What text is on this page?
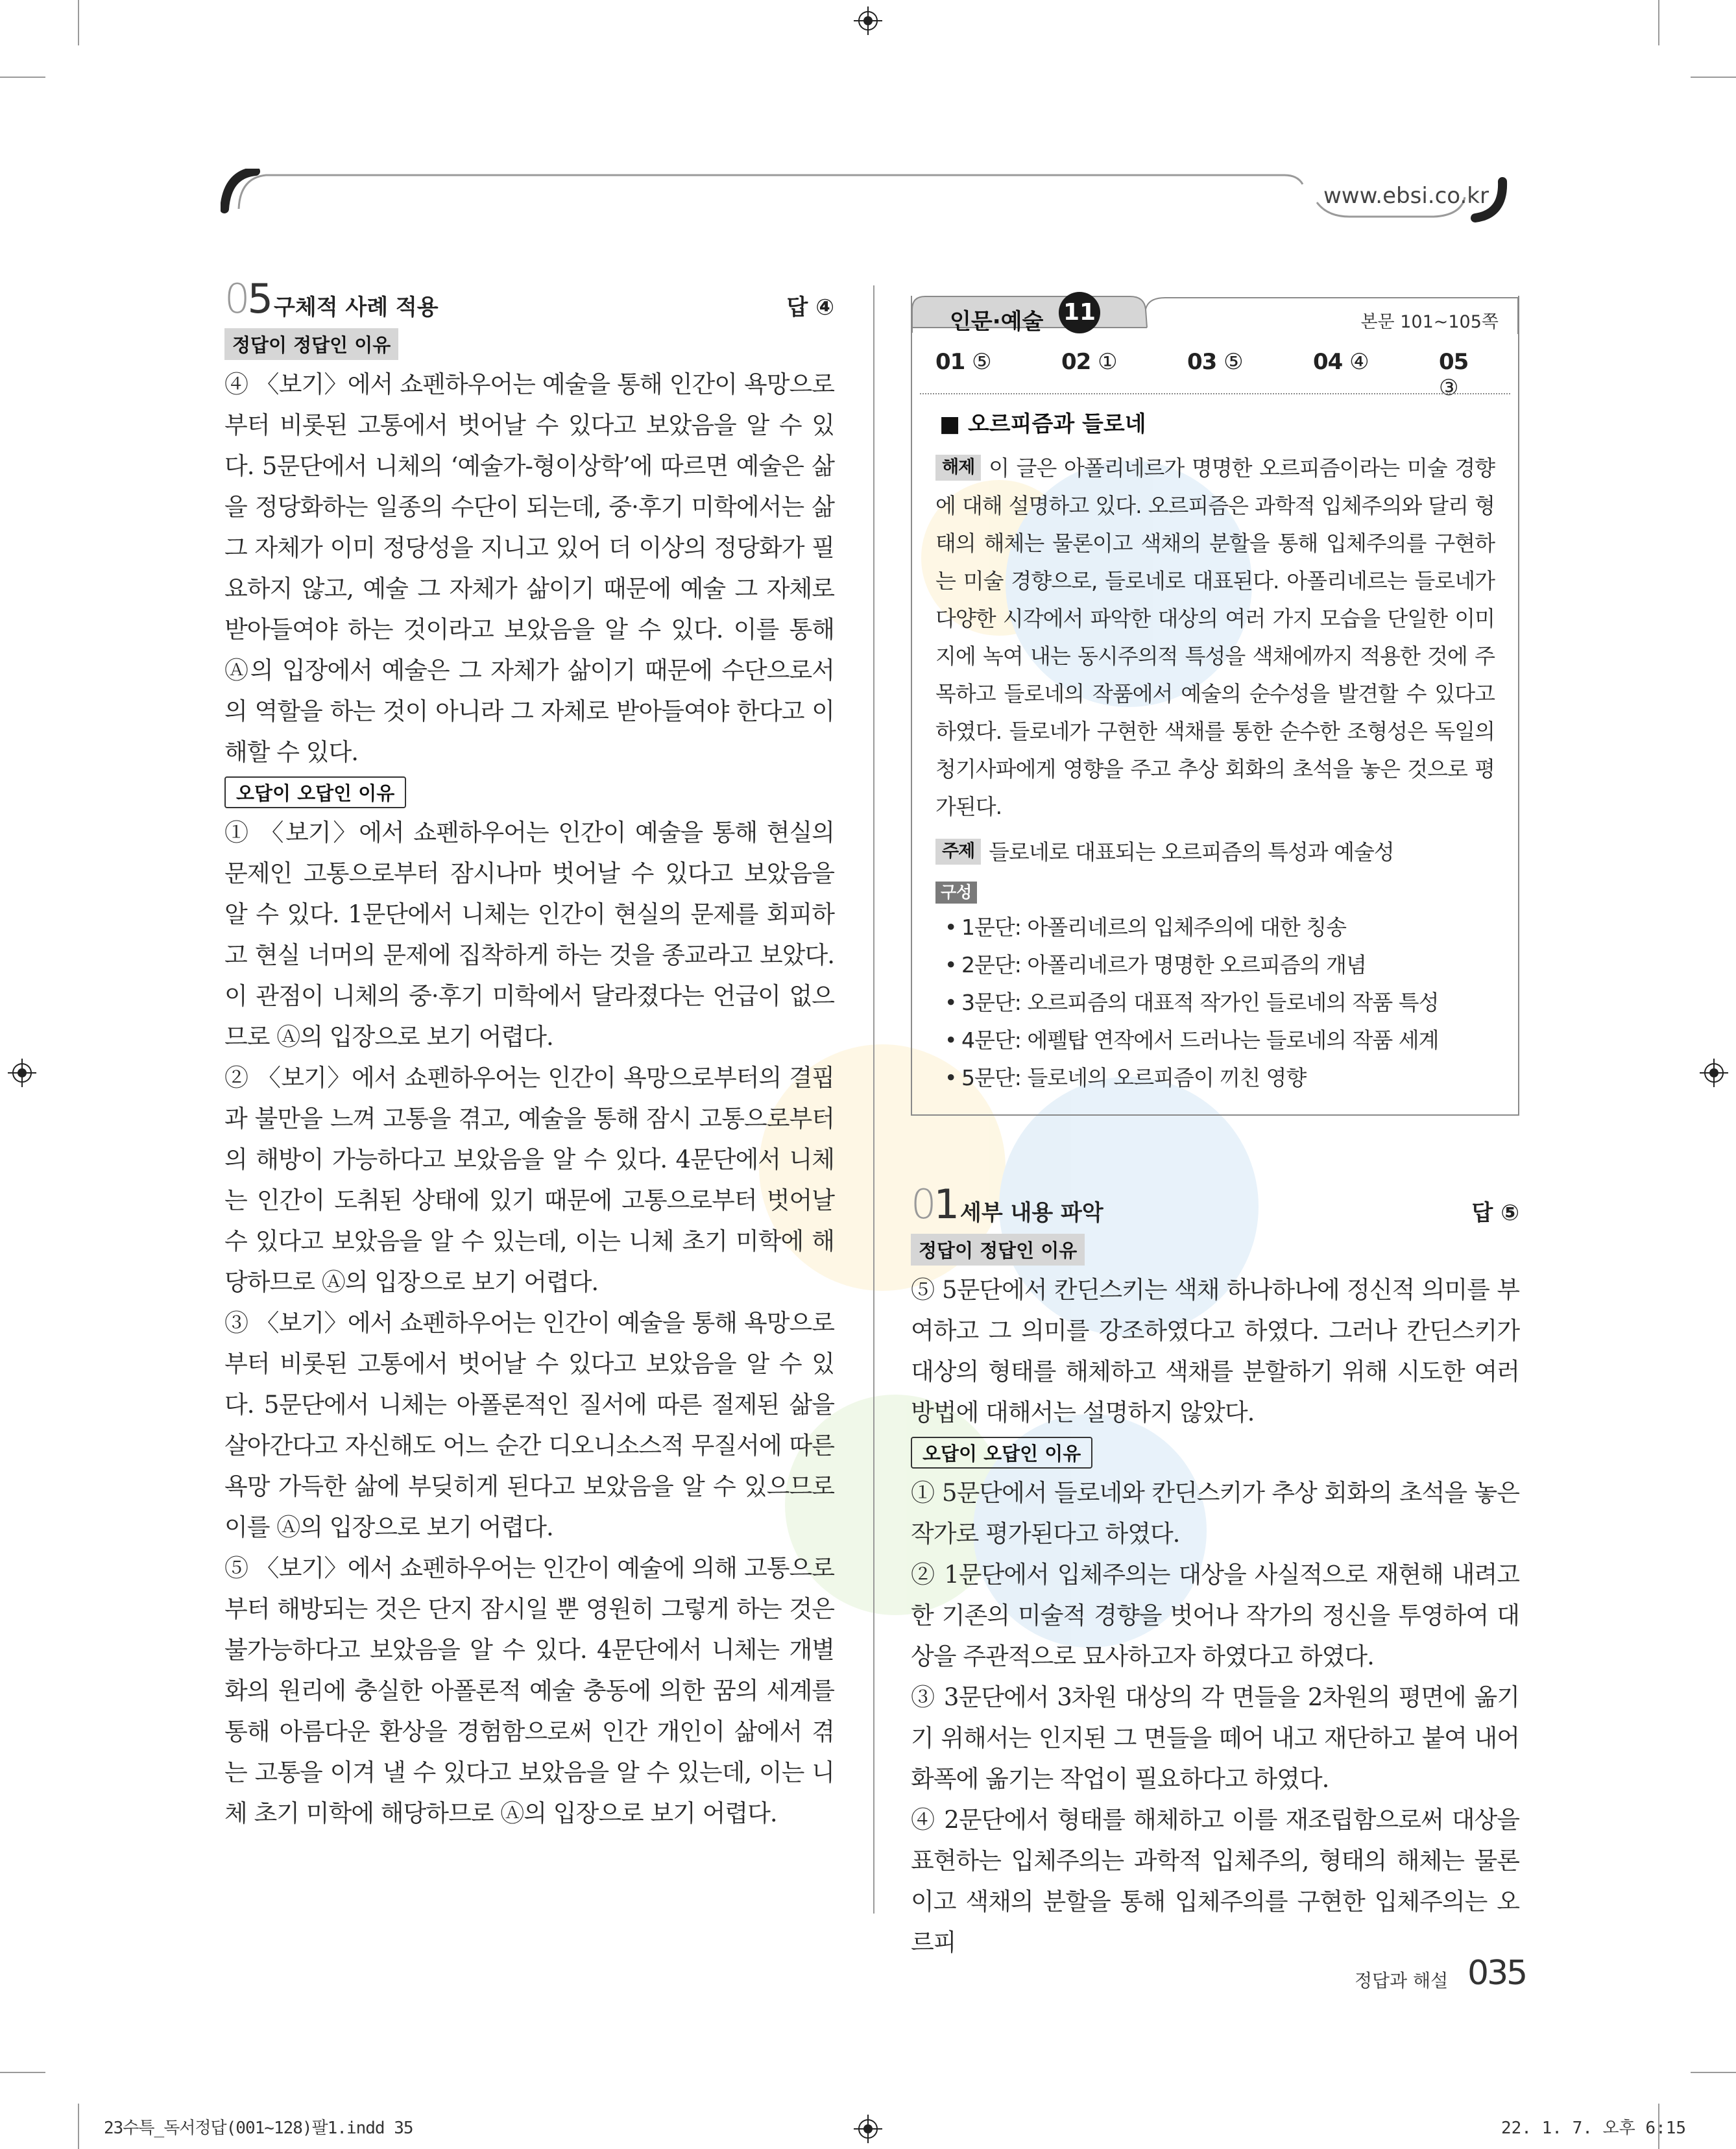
www.ebsi.co.kr
05 구체적 사례 적용	답 ④
정답이 정답인 이유

④ 〈보기〉에서 쇼펜하우어는 예술을 통해 인간이 욕망으로부터 비롯된 고통에서 벗어날 수 있다고 보았음을 알 수 있다. 5문단에서 니체의 ‘예술가-형이상학’에 따르면 예술은 삶을 정당화하는 일종의 수단이 되는데, 중·후기 미학에서는 삶 그 자체가 이미 정당성을 지니고 있어 더 이상의 정당화가 필요하지 않고, 예술 그 자체가 삶이기 때문에 예술 그 자체로 받아들여야 하는 것이라고 보았음을 알 수 있다. 이를 통해 Ⓐ의 입장에서 예술은 그 자체가 삶이기 때문에 수단으로서의 역할을 하는 것이 아니라 그 자체로 받아들여야 한다고 이해할 수 있다.

오답이 오답인 이유

① 〈보기〉에서 쇼펜하우어는 인간이 예술을 통해 현실의 문제인 고통으로부터 잠시나마 벗어날 수 있다고 보았음을 알 수 있다. 1문단에서 니체는 인간이 현실의 문제를 회피하고 현실 너머의 문제에 집착하게 하는 것을 종교라고 보았다. 이 관점이 니체의 중·후기 미학에서 달라졌다는 언급이 없으므로 Ⓐ의 입장으로 보기 어렵다.

② 〈보기〉에서 쇼펜하우어는 인간이 욕망으로부터의 결핍과 불만을 느껴 고통을 겪고, 예술을 통해 잠시 고통으로부터의 해방이 가능하다고 보았음을 알 수 있다. 4문단에서 니체는 인간이 도취된 상태에 있기 때문에 고통으로부터 벗어날 수 있다고 보았음을 알 수 있는데, 이는 니체 초기 미학에 해당하므로 Ⓐ의 입장으로 보기 어렵다.

③ 〈보기〉에서 쇼펜하우어는 인간이 예술을 통해 욕망으로부터 비롯된 고통에서 벗어날 수 있다고 보았음을 알 수 있다. 5문단에서 니체는 아폴론적인 질서에 따른 절제된 삶을 살아간다고 자신해도 어느 순간 디오니소스적 무질서에 따른 욕망 가득한 삶에 부딪히게 된다고 보았음을 알 수 있으므로 이를 Ⓐ의 입장으로 보기 어렵다.

⑤ 〈보기〉에서 쇼펜하우어는 인간이 예술에 의해 고통으로부터 해방되는 것은 단지 잠시일 뿐 영원히 그렇게 하는 것은 불가능하다고 보았음을 알 수 있다. 4문단에서 니체는 개별화의 원리에 충실한 아폴론적 예술 충동에 의한 꿈의 세계를 통해 아름다운 환상을 경험함으로써 인간 개인이 삶에서 겪는 고통을 이겨 낼 수 있다고 보았음을 알 수 있는데, 이는 니체 초기 미학에 해당하므로 Ⓐ의 입장으로 보기 어렵다.

인문·예술 11	본문 101~105쪽
01 ⑤	02 ①	03 ⑤	04 ④	05 ③
■ 오르피즘과 들로네

해제 이 글은 아폴리네르가 명명한 오르피즘이라는 미술 경향에 대해 설명하고 있다. 오르피즘은 과학적 입체주의와 달리 형태의 해체는 물론이고 색채의 분할을 통해 입체주의를 구현하는 미술 경향으로, 들로네로 대표된다. 아폴리네르는 들로네가 다양한 시각에서 파악한 대상의 여러 가지 모습을 단일한 이미지에 녹여 내는 동시주의적 특성을 색채에까지 적용한 것에 주목하고 들로네의 작품에서 예술의 순수성을 발견할 수 있다고 하였다. 들로네가 구현한 색채를 통한 순수한 조형성은 독일의 청기사파에게 영향을 주고 추상 회화의 초석을 놓은 것으로 평가된다.

주제 들로네로 대표되는 오르피즘의 특성과 예술성

구성
• 1문단: 아폴리네르의 입체주의에 대한 칭송
• 2문단: 아폴리네르가 명명한 오르피즘의 개념
• 3문단: 오르피즘의 대표적 작가인 들로네의 작품 특성
• 4문단: 에펠탑 연작에서 드러나는 들로네의 작품 세계
• 5문단: 들로네의 오르피즘이 끼친 영향
01 세부 내용 파악	답 ⑤
정답이 정답인 이유

⑤ 5문단에서 칸딘스키는 색채 하나하나에 정신적 의미를 부여하고 그 의미를 강조하였다고 하였다. 그러나 칸딘스키가 대상의 형태를 해체하고 색채를 분할하기 위해 시도한 여러 방법에 대해서는 설명하지 않았다.

오답이 오답인 이유

① 5문단에서 들로네와 칸딘스키가 추상 회화의 초석을 놓은 작가로 평가된다고 하였다.

② 1문단에서 입체주의는 대상을 사실적으로 재현해 내려고 한 기존의 미술적 경향을 벗어나 작가의 정신을 투영하여 대상을 주관적으로 묘사하고자 하였다고 하였다.

③ 3문단에서 3차원 대상의 각 면들을 2차원의 평면에 옮기기 위해서는 인지된 그 면들을 떼어 내고 재단하고 붙여 내어 화폭에 옮기는 작업이 필요하다고 하였다.

④ 2문단에서 형태를 해체하고 이를 재조립함으로써 대상을 표현하는 입체주의는 과학적 입체주의, 형태의 해체는 물론이고 색채의 분할을 통해 입체주의를 구현한 입체주의는 오르피

정답과 해설 035
23수특_독서정답(001~128)팔1.indd 35	22. 1. 7. 오후 6:15
